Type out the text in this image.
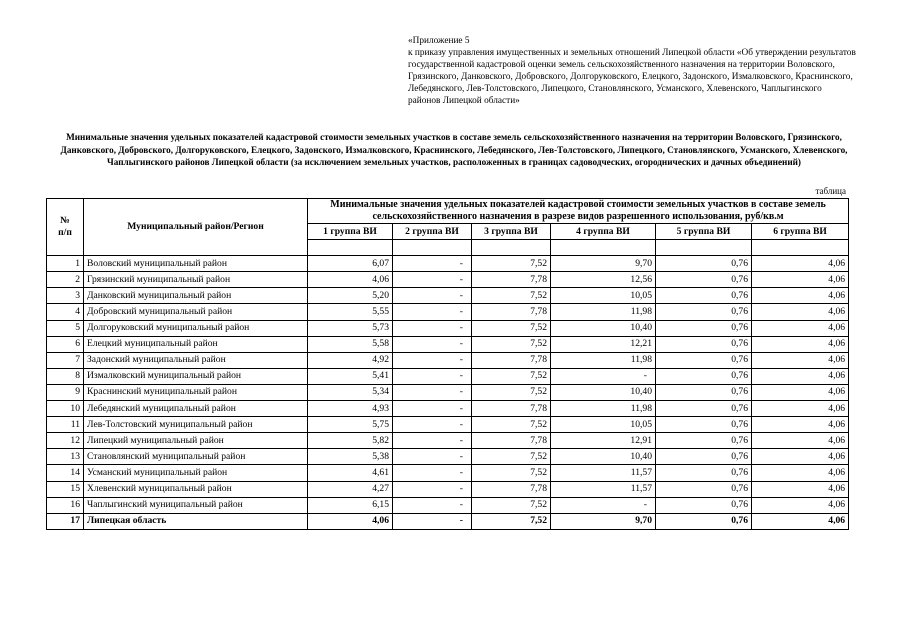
«Приложение 5
к приказу управления имущественных и земельных отношений Липецкой области «Об утверждении результатов государственной кадастровой оценки земель сельскохозяйственного назначения на территории Воловского, Грязинского, Данковского, Добровского, Долгоруковского, Елецкого, Задонского, Измалковского, Краснинского, Лебедянского, Лев-Толстовского, Липецкого, Становлянского, Усманского, Хлевенского, Чаплыгинского районов Липецкой области»
Минимальные значения удельных показателей кадастровой стоимости земельных участков в составе земель сельскохозяйственного назначения на территории Воловского, Грязинского, Данковского, Добровского, Долгоруковского, Елецкого, Задонского, Измалковского, Краснинского, Лебедянского, Лев-Толстовского, Липецкого, Становлянского, Усманского, Хлевенского, Чаплыгинского районов Липецкой области (за исключением земельных участков, расположенных в границах садоводческих, огороднических и дачных объединений)
таблица
№
п/п	Муниципальный район/Регион	Минимальные значения удельных показателей кадастровой стоимости земельных участков в составе земель сельскохозяйственного назначения в разрезе видов разрешенного использования, руб/кв.м					
		1 группа ВИ	2 группа ВИ	3 группа ВИ	4 группа ВИ	5 группа ВИ	6 группа ВИ

1	Воловский муниципальный район	6,07	-	7,52	9,70	0,76	4,06
2	Грязинский муниципальный район	4,06	-	7,78	12,56	0,76	4,06
3	Данковский муниципальный район	5,20	-	7,52	10,05	0,76	4,06
4	Добровский муниципальный район	5,55	-	7,78	11,98	0,76	4,06
5	Долгоруковский муниципальный район	5,73	-	7,52	10,40	0,76	4,06
6	Елецкий муниципальный район	5,58	-	7,52	12,21	0,76	4,06
7	Задонский муниципальный район	4,92	-	7,78	11,98	0,76	4,06
8	Измалковский муниципальный район	5,41	-	7,52	-	0,76	4,06
9	Краснинский муниципальный район	5,34	-	7,52	10,40	0,76	4,06
10	Лебедянский муниципальный район	4,93	-	7,78	11,98	0,76	4,06
11	Лев-Толстовский муниципальный район	5,75	-	7,52	10,05	0,76	4,06
12	Липецкий муниципальный район	5,82	-	7,78	12,91	0,76	4,06
13	Становлянский муниципальный район	5,38	-	7,52	10,40	0,76	4,06
14	Усманский муниципальный район	4,61	-	7,52	11,57	0,76	4,06
15	Хлевенский муниципальный район	4,27	-	7,78	11,57	0,76	4,06
16	Чаплыгинский муниципальный район	6,15	-	7,52	-	0,76	4,06
17	Липецкая область	4,06	-	7,52	9,70	0,76	4,06
